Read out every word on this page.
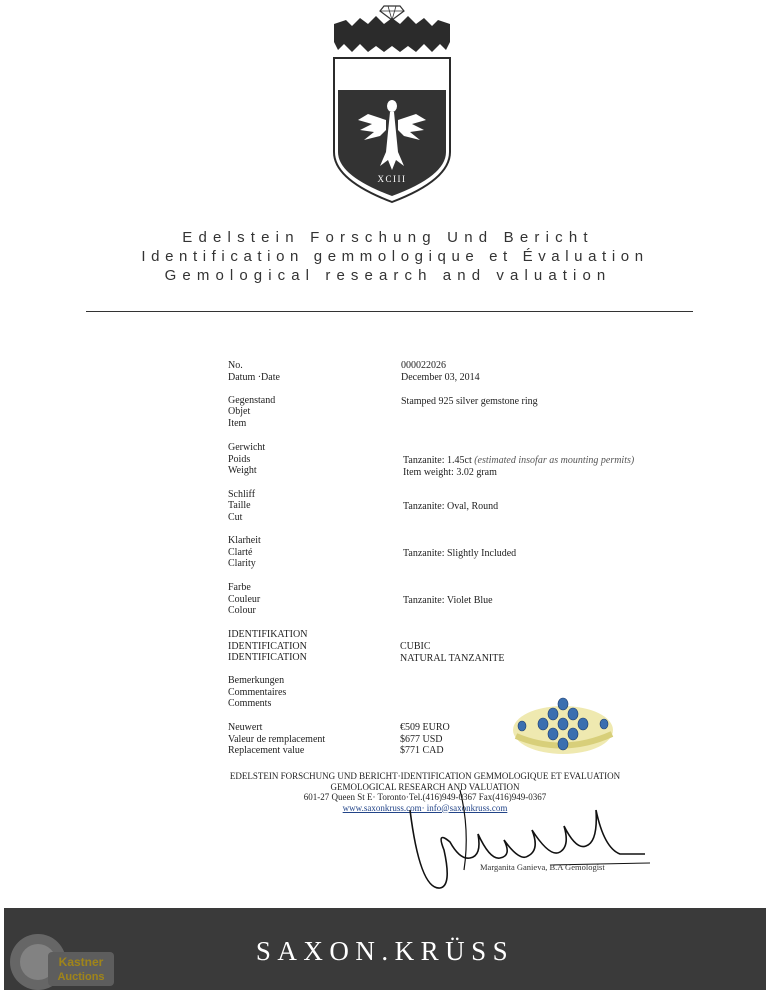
XCIII
Edelstein Forschung Und Bericht
Identification gemmologique et Évaluation
Gemological research and valuation
No.	000022026
Datum ·Date	December 03, 2014
Gegenstand
Objet
Item
Stamped 925 silver gemstone ring
Gerwicht
Poids
Weight
Tanzanite: 1.45ct (estimated insofar as mounting permits)
Item weight: 3.02 gram
Schliff
Taille
Cut
Tanzanite: Oval, Round
Klarheit
Clarté
Clarity
Tanzanite: Slightly Included
Farbe
Couleur
Colour
Tanzanite: Violet Blue
IDENTIFIKATION
IDENTIFICATION
IDENTIFICATION
CUBIC
NATURAL TANZANITE
Bemerkungen
Commentaires
Comments
Neuwert
Valeur de remplacement
Replacement value
€509 EURO
$677 USD
$771 CAD
EDELSTEIN FORSCHUNG UND BERICHT·IDENTIFICATION GEMMOLOGIQUE ET EVALUATION
GEMOLOGICAL RESEARCH AND VALUATION
601-27 Queen St E· Toronto·Tel.(416)949-0367 Fax(416)949-0367
www.saxonkruss.com· info@saxonkruss.com
Marganita Ganieva, B.A Gemologist
SAXON.KRÜSS
Kastner
Auctions
